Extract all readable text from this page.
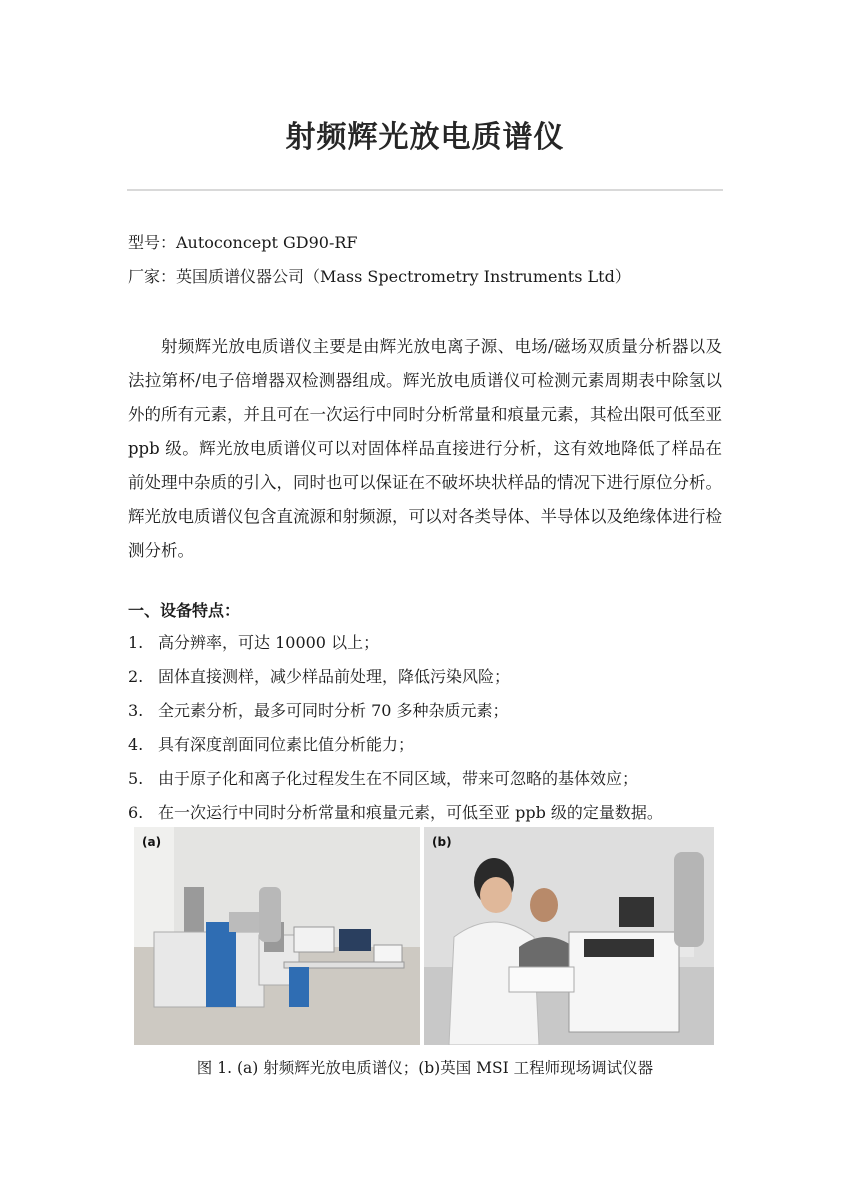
射频辉光放电质谱仪
型号：Autoconcept GD90-RF
厂家：英国质谱仪器公司（Mass Spectrometry Instruments Ltd）

射频辉光放电质谱仪主要是由辉光放电离子源、电场/磁场双质量分析器以及法拉第杯/电子倍增器双检测器组成。辉光放电质谱仪可检测元素周期表中除氢以外的所有元素，并且可在一次运行中同时分析常量和痕量元素，其检出限可低至亚 ppb 级。辉光放电质谱仪可以对固体样品直接进行分析，这有效地降低了样品在前处理中杂质的引入，同时也可以保证在不破坏块状样品的情况下进行原位分析。辉光放电质谱仪包含直流源和射频源，可以对各类导体、半导体以及绝缘体进行检测分析。

一、设备特点：
1. 高分辨率，可达 10000 以上；
2. 固体直接测样，减少样品前处理，降低污染风险；
3. 全元素分析，最多可同时分析 70 多种杂质元素；
4. 具有深度剖面同位素比值分析能力；
5. 由于原子化和离子化过程发生在不同区域，带来可忽略的基体效应；
6. 在一次运行中同时分析常量和痕量元素，可低至亚 ppb 级的定量数据。
(a)	(b)
图 1. (a) 射频辉光放电质谱仪；(b)英国 MSI 工程师现场调试仪器
